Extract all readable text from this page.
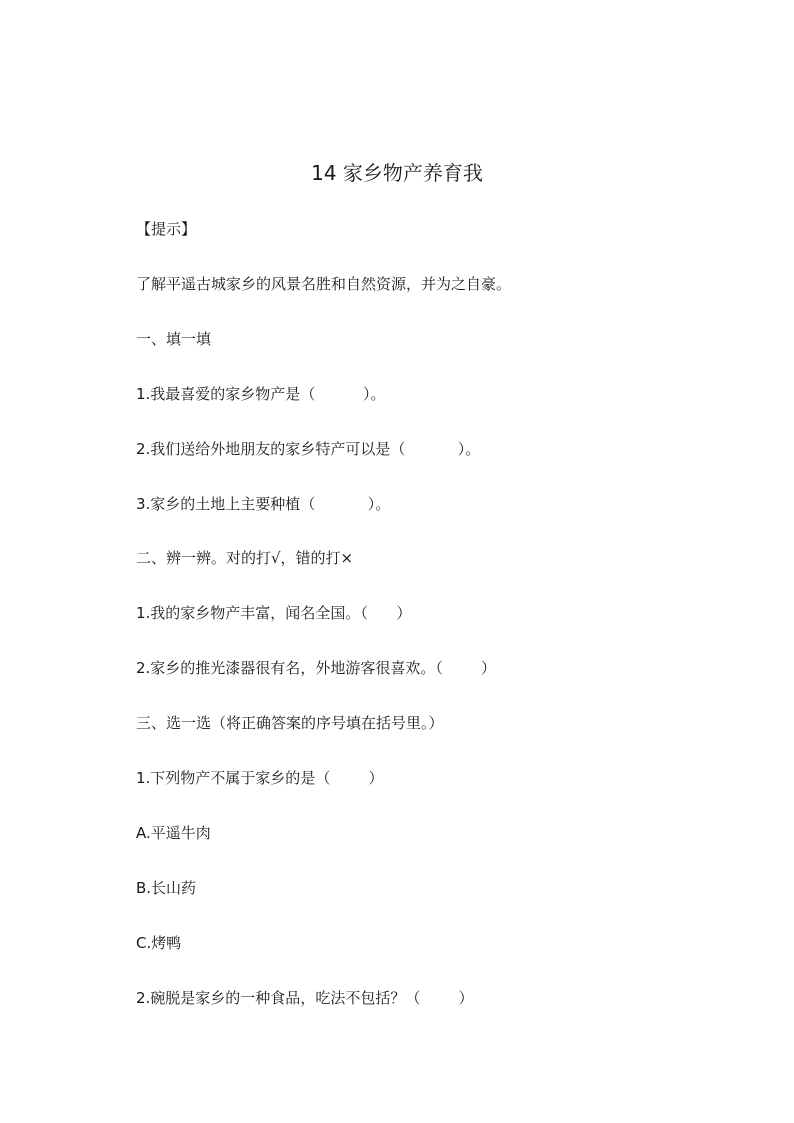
14 家乡物产养育我
【提示】
了解平遥古城家乡的风景名胜和自然资源，并为之自豪。
一、填一填
1.我最喜爱的家乡物产是（          ）。
2.我们送给外地朋友的家乡特产可以是（           ）。
3.家乡的土地上主要种植（           ）。
二、辨一辨。对的打√，错的打×
1.我的家乡物产丰富，闻名全国。（      ）
2.家乡的推光漆器很有名，外地游客很喜欢。（        ）
三、选一选（将正确答案的序号填在括号里。）
1.下列物产不属于家乡的是（        ）
A.平遥牛肉
B.长山药
C.烤鸭
2.碗脱是家乡的一种食品，吃法不包括？（        ）
